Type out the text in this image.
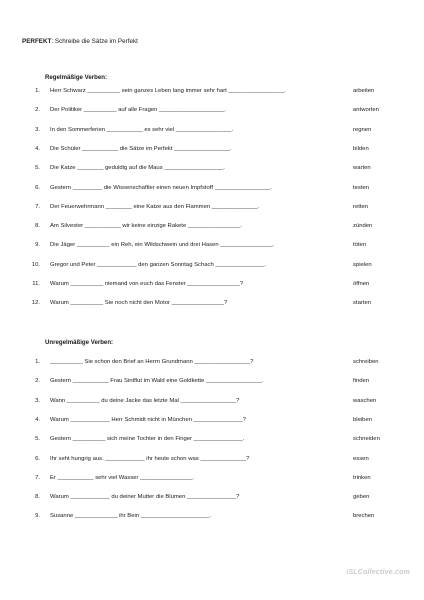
PERFEKT: Schreibe die Sätze im Perfekt
Regelmäßige Verben:
1. Herr Schwarz __________ sein ganzes Leben lang immer sehr hart _________________.	arbeiten
2. Der Politiker __________ auf alle Fragen ____________________.	antworten
3. In den Sommerferien ___________ es sehr viel _________________.	regnen
4. Die Schüler ___________ die Sätze im Perfekt _________________.	bilden
5. Die Katze ________ geduldig auf die Maus __________________.	warten
6. Gestern _________ die Wissenschaftler einen neuen Impfstoff _________________.	testen
7. Der Feuerwehrmann ________ eine Katze aus den Flammen ______________.	retten
8. Am Silvester ___________ wir keine einzige Rakete ________________.	zünden
9. Die Jäger __________ ein Reh, ein Wildschwein und drei Hasen ________________.	töten
10. Gregor und Peter ____________ den ganzen Sonntag Schach _______________.	spielen
11. Warum __________ niemand von euch das Fenster ________________?	öffnen
12. Warum __________ Sie noch nicht den Motor ________________?	starten
Unregelmäßige Verben:
1. __________ Sie schon den Brief an Herrn Grundmann _________________?	schreiben
2. Gestern ___________ Frau Sintflut im Wald eine Goldkette _________________.	finden
3. Wann __________ du deine Jacke das letzte Mal _________________?	waschen
4. Warum ____________ Herr Schmidt nicht in München _______________?	bleiben
5. Gestern __________ sich meine Tochter in den Finger _______________.	schneiden
6. Ihr seht hungrig aus. ____________ ihr heute schon was ______________?	essen
7. Er ___________ sehr viel Wasser ________________.	trinken
8. Warum ____________ du deiner Mutter die Blumen _______________?	geben
9. Susanne _____________ ihr Bein _____________________.	brechen
iSLCollective.com
